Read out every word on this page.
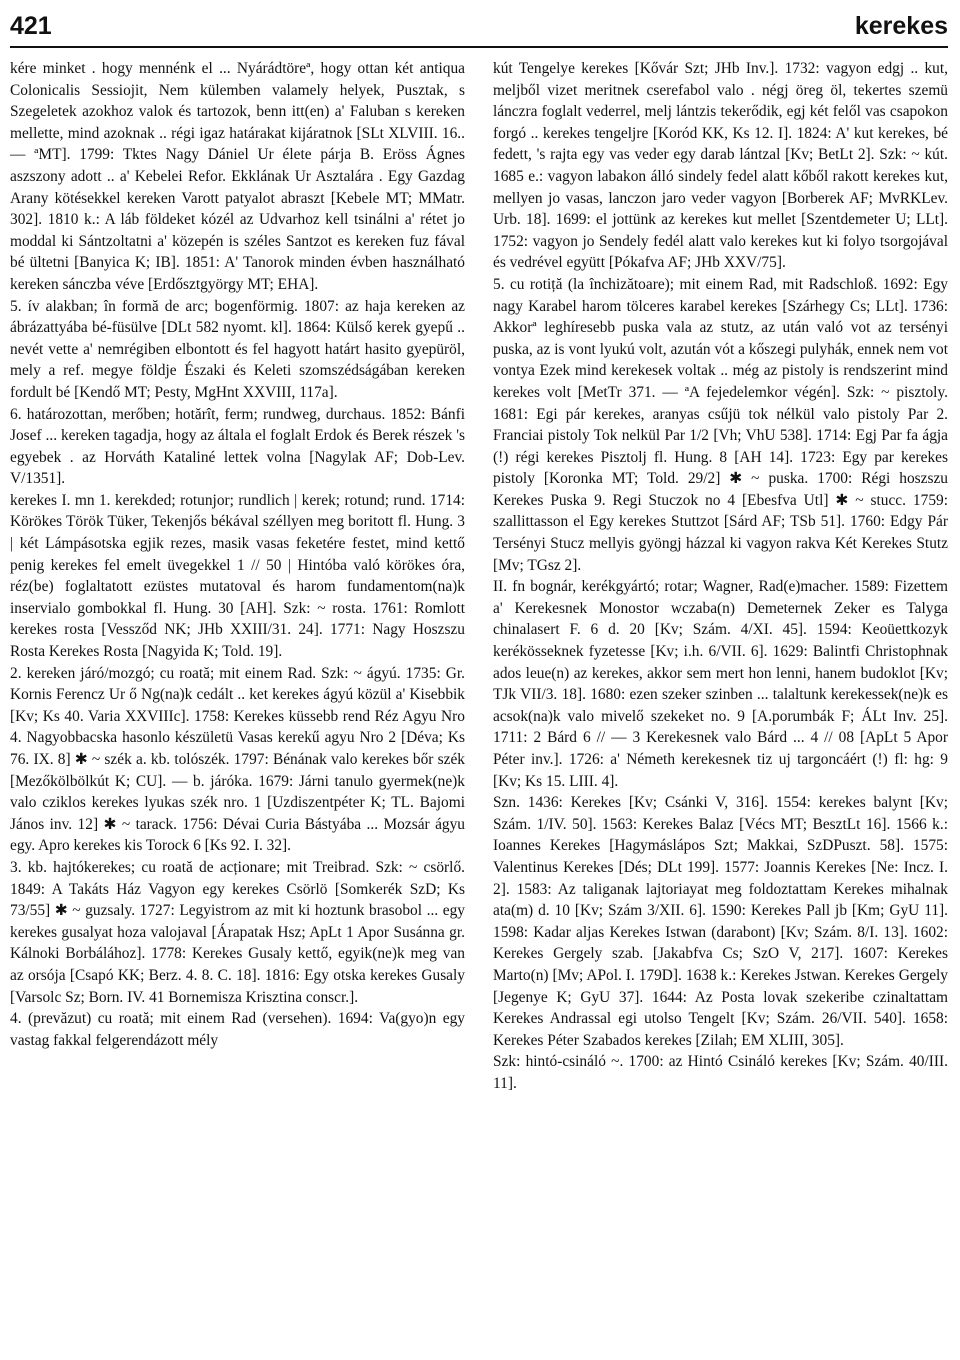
421	kerekes

kére minket . hogy mennénk el ... Nyárádtöreª, hogy ottan két antiqua Colonicalis Sessiojit, Nem külemben valamely helyek, Pusztak, s Szegeletek azokhoz valok és tartozok, benn itt(en) a' Faluban s kereken mellette, mind azoknak .. régi igaz határakat kijáratnok [SLt XLVIII. 16.. — ªMT]. 1799: Tktes Nagy Dániel Ur élete párja B. Eröss Ágnes aszszony adott .. a' Kebelei Refor. Ekklának Ur Asztalára . Egy Gazdag Arany kötésekkel kereken Varott patyalot abraszt [Kebele MT; MMatr. 302]. 1810 k.: A láb földeket kózél az Udvarhoz kell tsinálni a' rétet jo moddal ki Sántzoltatni a' közepén is széles Santzot es kereken fuz fával bé ültetni [Banyica K; IB]. 1851: A' Tanorok minden évben használható kereken sánczba véve [Erdősztgyörgy MT; EHA].

5. ív alakban; în formă de arc; bogenförmig. 1807: az haja kereken az ábrázattyába bé-füsülve [DLt 582 nyomt. kl]. 1864: Külső kerek gyepű .. nevét vette a' nemrégiben elbontott és fel hagyott határt hasito gyepüröl, mely a ref. megye földje Északi és Keleti szomszédságában kereken fordult bé [Kendő MT; Pesty, MgHnt XXVIII, 117a].

6. határozottan, merőben; hotărît, ferm; rundweg, durchaus. 1852: Bánfi Josef ... kereken tagadja, hogy az általa el foglalt Erdok és Berek részek 's egyebek . az Horváth Kataliné lettek volna [Nagylak AF; Dob-Lev. V/1351].

kerekes I. mn 1. kerekded; rotunjor; rundlich | kerek; rotund; rund. 1714: Körökes Török Tüker, Tekenjős békával széllyen meg boritott fl. Hung. 3 | két Lámpásotska egjik rezes, masik vasas feketére festet, mind kettő penig kerekes fel emelt üvegekkel 1 // 50 | Hintóba való körökes óra, réz(be) foglaltatott ezüstes mutatoval és harom fundamentom(na)k inservialo gombokkal fl. Hung. 30 [AH]. Szk: ~ rosta. 1761: Romlott kerekes rosta [Vessződ NK; JHb XXIII/31. 24]. 1771: Nagy Hoszszu Rosta Kerekes Rosta [Nagyida K; Told. 19].

2. kereken járó/mozgó; cu roată; mit einem Rad. Szk: ~ ágyú. 1735: Gr. Kornis Ferencz Ur ő Ng(na)k cedált .. ket kerekes ágyú közül a' Kisebbik [Kv; Ks 40. Varia XXVIIIc]. 1758: Kerekes küssebb rend Réz Agyu Nro 4. Nagyobbacska hasonlo készületü Vasas kerekű agyu Nro 2 [Déva; Ks 76. IX. 8] ✱ ~ szék a. kb. tolószék. 1797: Bénának valo kerekes bőr szék [Mezőkölbölkút K; CU]. — b. járóka. 1679: Járni tanulo gyermek(ne)k valo cziklos kerekes lyukas szék nro. 1 [Uzdiszentpéter K; TL. Bajomi János inv. 12] ✱ ~ tarack. 1756: Dévai Curia Bástyába ... Mozsár ágyu egy. Apro kerekes kis Torock 6 [Ks 92. I. 32].

3. kb. hajtókerekes; cu roată de acționare; mit Treibrad. Szk: ~ csörlő. 1849: A Takáts Ház Vagyon egy kerekes Csörlö [Somkerék SzD; Ks 73/55] ✱ ~ guzsaly. 1727: Legyistrom az mit ki hoztunk brasobol ... egy kerekes gusalyat hoza valojaval [Árapatak Hsz; ApLt 1 Apor Susánna gr. Kálnoki Borbálához]. 1778: Kerekes Gusaly kettő, egyik(ne)k meg van az orsója [Csapó KK; Berz. 4. 8. C. 18]. 1816: Egy otska kerekes Gusaly [Varsolc Sz; Born. IV. 41 Bornemisza Krisztina conscr.].

4. (prevăzut) cu roată; mit einem Rad (versehen). 1694: Va(gyo)n egy vastag fakkal felgerendázott mély

kút Tengelye kerekes [Kővár Szt; JHb Inv.]. 1732: vagyon edgj .. kut, meljből vizet meritnek cserefabol valo . négj öreg öl, tekertes szemü lánczra foglalt vederrel, melj lántzis tekerődik, egj két felől vas csapokon forgó .. kerekes tengeljre [Koród KK, Ks 12. I]. 1824: A' kut kerekes, bé fedett, 's rajta egy vas veder egy darab lántzal [Kv; BetLt 2]. Szk: ~ kút. 1685 e.: vagyon labakon álló sindely fedel alatt kőből rakott kerekes kut, mellyen jo vasas, lanczon jaro veder vagyon [Borberek AF; MvRKLev. Urb. 18]. 1699: el jottünk az kerekes kut mellet [Szentdemeter U; LLt]. 1752: vagyon jo Sendely fedél alatt valo kerekes kut ki folyo tsorgojával és vedrével együtt [Pókafva AF; JHb XXV/75].

5. cu rotiță (la închizătoare); mit einem Rad, mit Radschloß. 1692: Egy nagy Karabel harom tölceres karabel kerekes [Szárhegy Cs; LLt]. 1736: Akkorª leghíresebb puska vala az stutz, az után való vot az tersényi puska, az is vont lyukú volt, azután vót a kőszegi pulyhák, ennek nem vot vontya Ezek mind kerekesek voltak .. még az pistoly is rendszerint mind kerekes volt [MetTr 371. — ªA fejedelemkor végén]. Szk: ~ pisztoly. 1681: Egi pár kerekes, aranyas csűjü tok nélkül valo pistoly Par 2. Franciai pistoly Tok nelkül Par 1/2 [Vh; VhU 538]. 1714: Egj Par fa ágja (!) régi kerekes Pisztolj fl. Hung. 8 [AH 14]. 1723: Egy par kerekes pistoly [Koronka MT; Told. 29/2] ✱ ~ puska. 1700: Régi hoszszu Kerekes Puska 9. Regi Stuczok no 4 [Ebesfva Utl] ✱ ~ stucc. 1759: szallittasson el Egy kerekes Stuttzot [Sárd AF; TSb 51]. 1760: Edgy Pár Tersényi Stucz mellyis gyöngj házzal ki vagyon rakva Két Kerekes Stutz [Mv; TGsz 2].

II. fn bognár, kerékgyártó; rotar; Wagner, Rad(e)macher. 1589: Fizettem a' Kerekesnek Monostor wczaba(n) Demeternek Zeker es Talyga chinalasert F. 6 d. 20 [Kv; Szám. 4/XI. 45]. 1594: Keoüettkozyk kerékösseknek fyzetesse [Kv; i.h. 6/VII. 6]. 1629: Balintfi Christophnak ados leue(n) az kerekes, akkor sem mert hon lenni, hanem budoklot [Kv; TJk VII/3. 18]. 1680: ezen szeker szinben ... talaltunk kerekessek(ne)k es acsok(na)k valo mivelő szekeket no. 9 [A.porumbák F; ÁLt Inv. 25]. 1711: 2 Bárd 6 // — 3 Kerekesnek valo Bárd ... 4 // 08 [ApLt 5 Apor Péter inv.]. 1726: a' Németh kerekesnek tiz uj targoncáért (!) fl: hg: 9 [Kv; Ks 15. LIII. 4].

Szn. 1436: Kerekes [Kv; Csánki V, 316]. 1554: kerekes balynt [Kv; Szám. 1/IV. 50]. 1563: Kerekes Balaz [Vécs MT; BesztLt 16]. 1566 k.: Ioannes Kerekes [Hagymáslápos Szt; Makkai, SzDPuszt. 58]. 1575: Valentinus Kerekes [Dés; DLt 199]. 1577: Joannis Kerekes [Ne: Incz. I. 2]. 1583: Az taliganak lajtoriayat meg foldoztattam Kerekes mihalnak ata(m) d. 10 [Kv; Szám 3/XII. 6]. 1590: Kerekes Pall jb [Km; GyU 11]. 1598: Kadar aljas Kerekes Istwan (darabont) [Kv; Szám. 8/I. 13]. 1602: Kerekes Gergely szab. [Jakabfva Cs; SzO V, 217]. 1607: Kerekes Marto(n) [Mv; APol. I. 179D]. 1638 k.: Kerekes Jstwan. Kerekes Gergely [Jegenye K; GyU 37]. 1644: Az Posta lovak szekeribe czinaltattam Kerekes Andrassal egi utolso Tengelt [Kv; Szám. 26/VII. 540]. 1658: Kerekes Péter Szabados kerekes [Zilah; EM XLIII, 305].

Szk: hintó-csináló ~. 1700: az Hintó Csináló kerekes [Kv; Szám. 40/III. 11].
